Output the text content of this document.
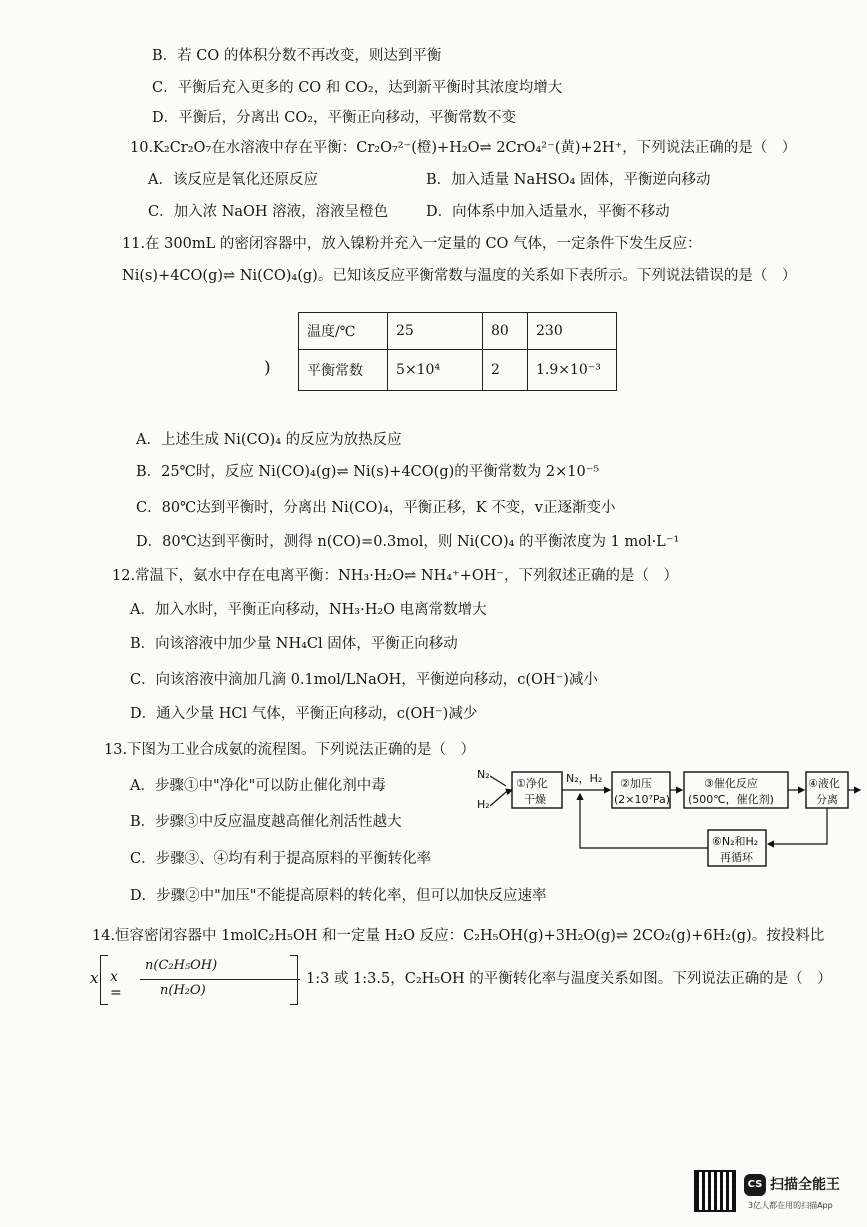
B．若 CO 的体积分数不再改变，则达到平衡
C．平衡后充入更多的 CO 和 CO₂，达到新平衡时其浓度均增大
D．平衡后，分离出 CO₂，平衡正向移动，平衡常数不变
10.K₂Cr₂O₇在水溶液中存在平衡：Cr₂O₇²⁻(橙)+H₂O⇌ 2CrO₄²⁻(黄)+2H⁺，下列说法正确的是（　）
A．该反应是氧化还原反应	B．加入适量 NaHSO₄ 固体，平衡逆向移动
C．加入浓 NaOH 溶液，溶液呈橙色	D．向体系中加入适量水，平衡不移动
11.在 300mL 的密闭容器中，放入镍粉并充入一定量的 CO 气体，一定条件下发生反应：
Ni(s)+4CO(g)⇌ Ni(CO)₄(g)。已知该反应平衡常数与温度的关系如下表所示。下列说法错误的是（　）
)
温度/℃	25	80	230
平衡常数	5×10⁴	2	1.9×10⁻³
A．上述生成 Ni(CO)₄ 的反应为放热反应
B．25℃时，反应 Ni(CO)₄(g)⇌ Ni(s)+4CO(g)的平衡常数为 2×10⁻⁵
C．80℃达到平衡时，分离出 Ni(CO)₄，平衡正移，K 不变，v正逐渐变小
D．80℃达到平衡时，测得 n(CO)=0.3mol，则 Ni(CO)₄ 的平衡浓度为 1 mol·L⁻¹
12.常温下，氨水中存在电离平衡：NH₃·H₂O⇌ NH₄⁺+OH⁻，下列叙述正确的是（　）
A．加入水时，平衡正向移动，NH₃·H₂O 电离常数增大
B．向该溶液中加少量 NH₄Cl 固体，平衡正向移动
C．向该溶液中滴加几滴 0.1mol/LNaOH，平衡逆向移动，c(OH⁻)减小
D．通入少量 HCl 气体，平衡正向移动，c(OH⁻)减少
13.下图为工业合成氨的流程图。下列说法正确的是（　）
A．步骤①中"净化"可以防止催化剂中毒
B．步骤③中反应温度越高催化剂活性越大
C．步骤③、④均有利于提高原料的平衡转化率
D．步骤②中"加压"不能提高原料的转化率，但可以加快反应速率
N₂
H₂
①净化
干燥
N₂，H₂ ②加压
(2×10⁷Pa)
③催化反应
(500℃，催化剂)
④液化
分离
⑥N₂和H₂
再循环
14.恒容密闭容器中 1molC₂H₅OH 和一定量 H₂O 反应：C₂H₅OH(g)+3H₂O(g)⇌ 2CO₂(g)+6H₂(g)。按投料比
x x =
n(C₂H₅OH)
n(H₂O)
1:3 或 1:3.5，C₂H₅OH 的平衡转化率与温度关系如图。下列说法正确的是（　）
CS 扫描全能王
3亿人都在用的扫描App
